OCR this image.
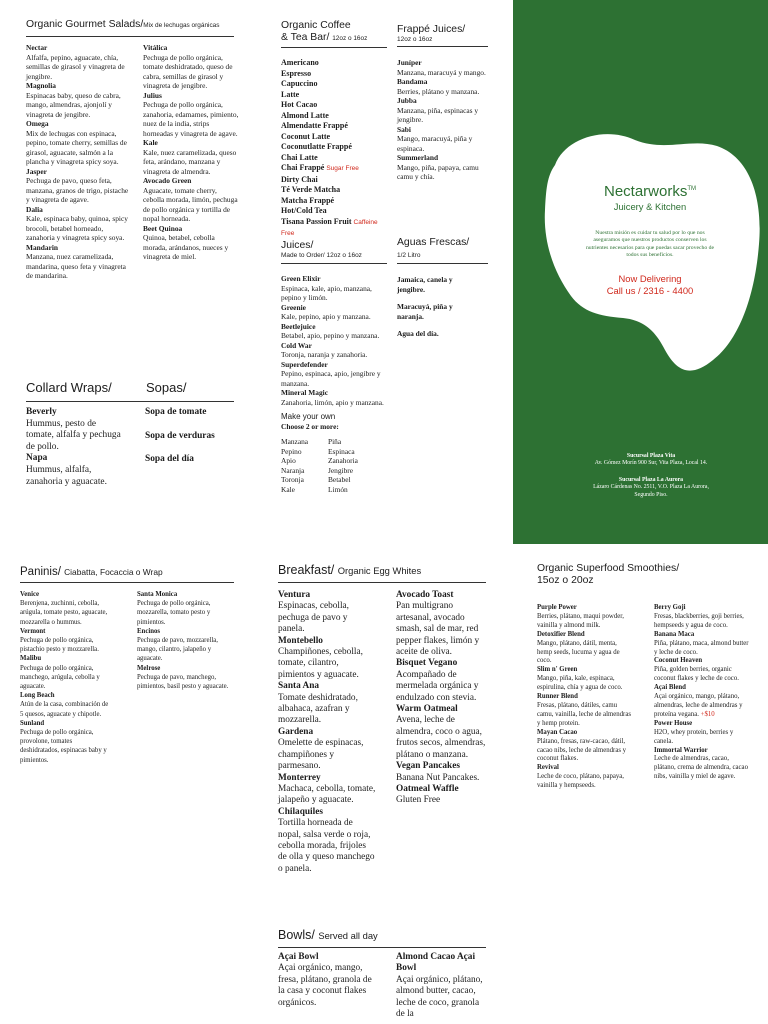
Organic Gourmet Salads/Mix de lechugas orgánicas
Nectar
Alfalfa, pepino, aguacate, chía, semillas de girasol y vinagreta de jengibre.
Magnolia
Espinacas baby, queso de cabra, mango, almendras, ajonjolí y vinagreta de jengibre.
Omega
Mix de lechugas con espinaca, pepino, tomate cherry, semillas de girasol, aguacate, salmón a la plancha y vinagreta spicy soya.
Jasper
Pechuga de pavo, queso feta, manzana, granos de trigo, pistache y vinagreta de agave.
Dalia
Kale, espinaca baby, quinoa, spicy brocoli, betabel horneado, zanahoria y vinagreta spicy soya.
Mandarin
Manzana, nuez caramelizada, mandarina, queso feta y vinagreta de mandarina.
Vitálica
Pechuga de pollo orgánica, tomate deshidratado, queso de cabra, semillas de girasol y vinagreta de jengibre.
Julius
Pechuga de pollo orgánica, zanahoria, edamames, pimiento, nuez de la india, strips horneadas y vinagreta de agave.
Kale
Kale, nuez caramelizada, queso feta, arándano, manzana y vinagreta de almendra.
Avocado Green
Aguacate, tomate cherry, cebolla morada, limón, pechuga de pollo orgánica y tortilla de nopal horneada.
Beet Quinoa
Quinoa, betabel, cebolla morada, arándanos, nueces y vinagreta de miel.
Collard Wraps/	Sopas/
Beverly
Hummus, pesto de tomate, alfalfa y pechuga de pollo.
Napa
Hummus, alfalfa, zanahoria y aguacate.
Sopa de tomate
Sopa de verduras
Sopa del día
Organic Coffee
& Tea Bar/ 12oz o 16oz
Americano
Espresso
Capuccino
Latte
Hot Cacao
Almond Latte
Almendatte Frappé
Coconut Latte
Coconutlatte Frappé
Chai Latte
Chai Frappé Sugar Free
Dirty Chai
Té Verde Matcha
Matcha Frappé
Hot/Cold Tea
Tisana Passion Fruit Caffeine Free
Frappé Juices/
12oz o 16oz
Juníper
Manzana, maracuyá y mango.
Bandama
Berries, plátano y manzana.
Jubba
Manzana, piña, espinacas y jengibre.
Sabi
Mango, maracuyá, piña y espinaca.
Summerland
Mango, piña, papaya, camu camu y chía.
Juices/
Made to Order/ 12oz o 16oz
Green Elixir
Espinaca, kale, apio, manzana, pepino y limón.
Greenie
Kale, pepino, apio y manzana.
Beetlejuice
Betabel, apio, pepino y manzana.
Cold War
Toronja, naranja y zanahoria.
Superdefender
Pepino, espinaca, apio, jengibre y manzana.
Mineral Magic
Zanahoria, limón, apio y manzana.
Make your own
Choose 2 or more:
Manzana
Pepino
Apio
Naranja
Toronja
Kale
Piña
Espinaca
Zanahoria
Jengibre
Betabel
Limón
Aguas Frescas/
1/2 Litro
Jamaica, canela y jengibre.
Maracuyá, piña y naranja.
Agua del día.
Nectarworks™
Juicery & Kitchen
Nuestra misión es cuidar tu salud por lo que nos aseguramos que nuestros productos conserven los nutrientes necesarios para que puedas sacar provecho de todos sus beneficios.
Now Delivering
Call us / 2316 - 4400
Sucursal Plaza Vita
Av. Gómez Morín 900 Sur, Vita Plaza, Local 14.
Sucursal Plaza La Aurora
Lázaro Cárdenas No. 2511, V.O. Plaza La Aurora, Segundo Piso.
Paninis/ Ciabatta, Focaccia o Wrap
Venice
Berenjena, zuchinni, cebolla, arúgula, tomate pesto, aguacate, mozzarella o hummus.
Vermont
Pechuga de pollo orgánica, pistachio pesto y mozzarella.
Malibu
Pechuga de pollo orgánica, manchego, arúgula, cebolla y aguacate.
Long Beach
Atún de la casa, combinación de 5 quesos, aguacate y chipotle.
Sunland
Pechuga de pollo orgánica, provolone, tomates deshidratados, espinacas baby y pimientos.
Santa Monica
Pechuga de pollo orgánica, mozzarella, tomato pesto y pimientos.
Encinos
Pechuga de pavo, mozzarella, mango, cilantro, jalapeño y aguacate.
Melrose
Pechuga de pavo, manchego, pimientos, basil pesto y aguacate.
Breakfast/ Organic Egg Whites
Ventura
Espinacas, cebolla, pechuga de pavo y panela.
Montebello
Champiñones, cebolla, tomate, cilantro, pimientos y aguacate.
Santa Ana
Tomate deshidratado, albahaca, azafran y mozzarella.
Gardena
Omelette de espinacas, champiñones y parmesano.
Monterrey
Machaca, cebolla, tomate, jalapeño y aguacate.
Chilaquiles
Tortilla horneada de nopal, salsa verde o roja, cebolla morada, frijoles de olla y queso manchego o panela.
Avocado Toast
Pan multigrano artesanal, avocado smash, sal de mar, red pepper flakes, limón y aceite de oliva.
Bisquet Vegano
Acompañado de mermelada orgánica y endulzado con stevia.
Warm Oatmeal
Avena, leche de almendra, coco o agua, frutos secos, almendras, plátano o manzana.
Vegan Pancakes
Banana Nut Pancakes.
Oatmeal Waffle
Gluten Free
Bowls/ Served all day
Açai Bowl
Açai orgánico, mango, fresa, plátano, granola de la casa y coconut flakes orgánicos.
Almond Cacao Açai Bowl
Açai orgánico, plátano, almond butter, cacao, leche de coco, granola de la
Organic Superfood Smoothies/
15oz o 20oz
Purple Power
Berries, plátano, maqui powder, vainilla y almond milk.
Detoxifier Blend
Mango, plátano, dátil, menta, hemp seeds, lucuma y agua de coco.
Slim n' Green
Mango, piña, kale, espinaca, espirulina, chía y agua de coco.
Runner Blend
Fresas, plátano, dátiles, camu camu, vainilla, leche de almendras y hemp protein.
Mayan Cacao
Plátano, fresas, raw-cacao, dátil, cacao nibs, leche de almendras y coconut flakes.
Revival
Leche de coco, plátano, papaya, vainilla y hempseeds.
Berry Goji
Fresas, blackberries, goji berries, hempseeds y agua de coco.
Banana Maca
Piña, plátano, maca, almond butter y leche de coco.
Coconut Heaven
Piña, golden berries, organic coconut flakes y leche de coco.
Açai Blend
Açai orgánico, mango, plátano, almendras, leche de almendras y proteína vegana. +$10
Power House
H2O, whey protein, berries y canela.
Immortal Warrior
Leche de almendras, cacao, plátano, crema de almendra, cacao nibs, vainilla y miel de agave.
